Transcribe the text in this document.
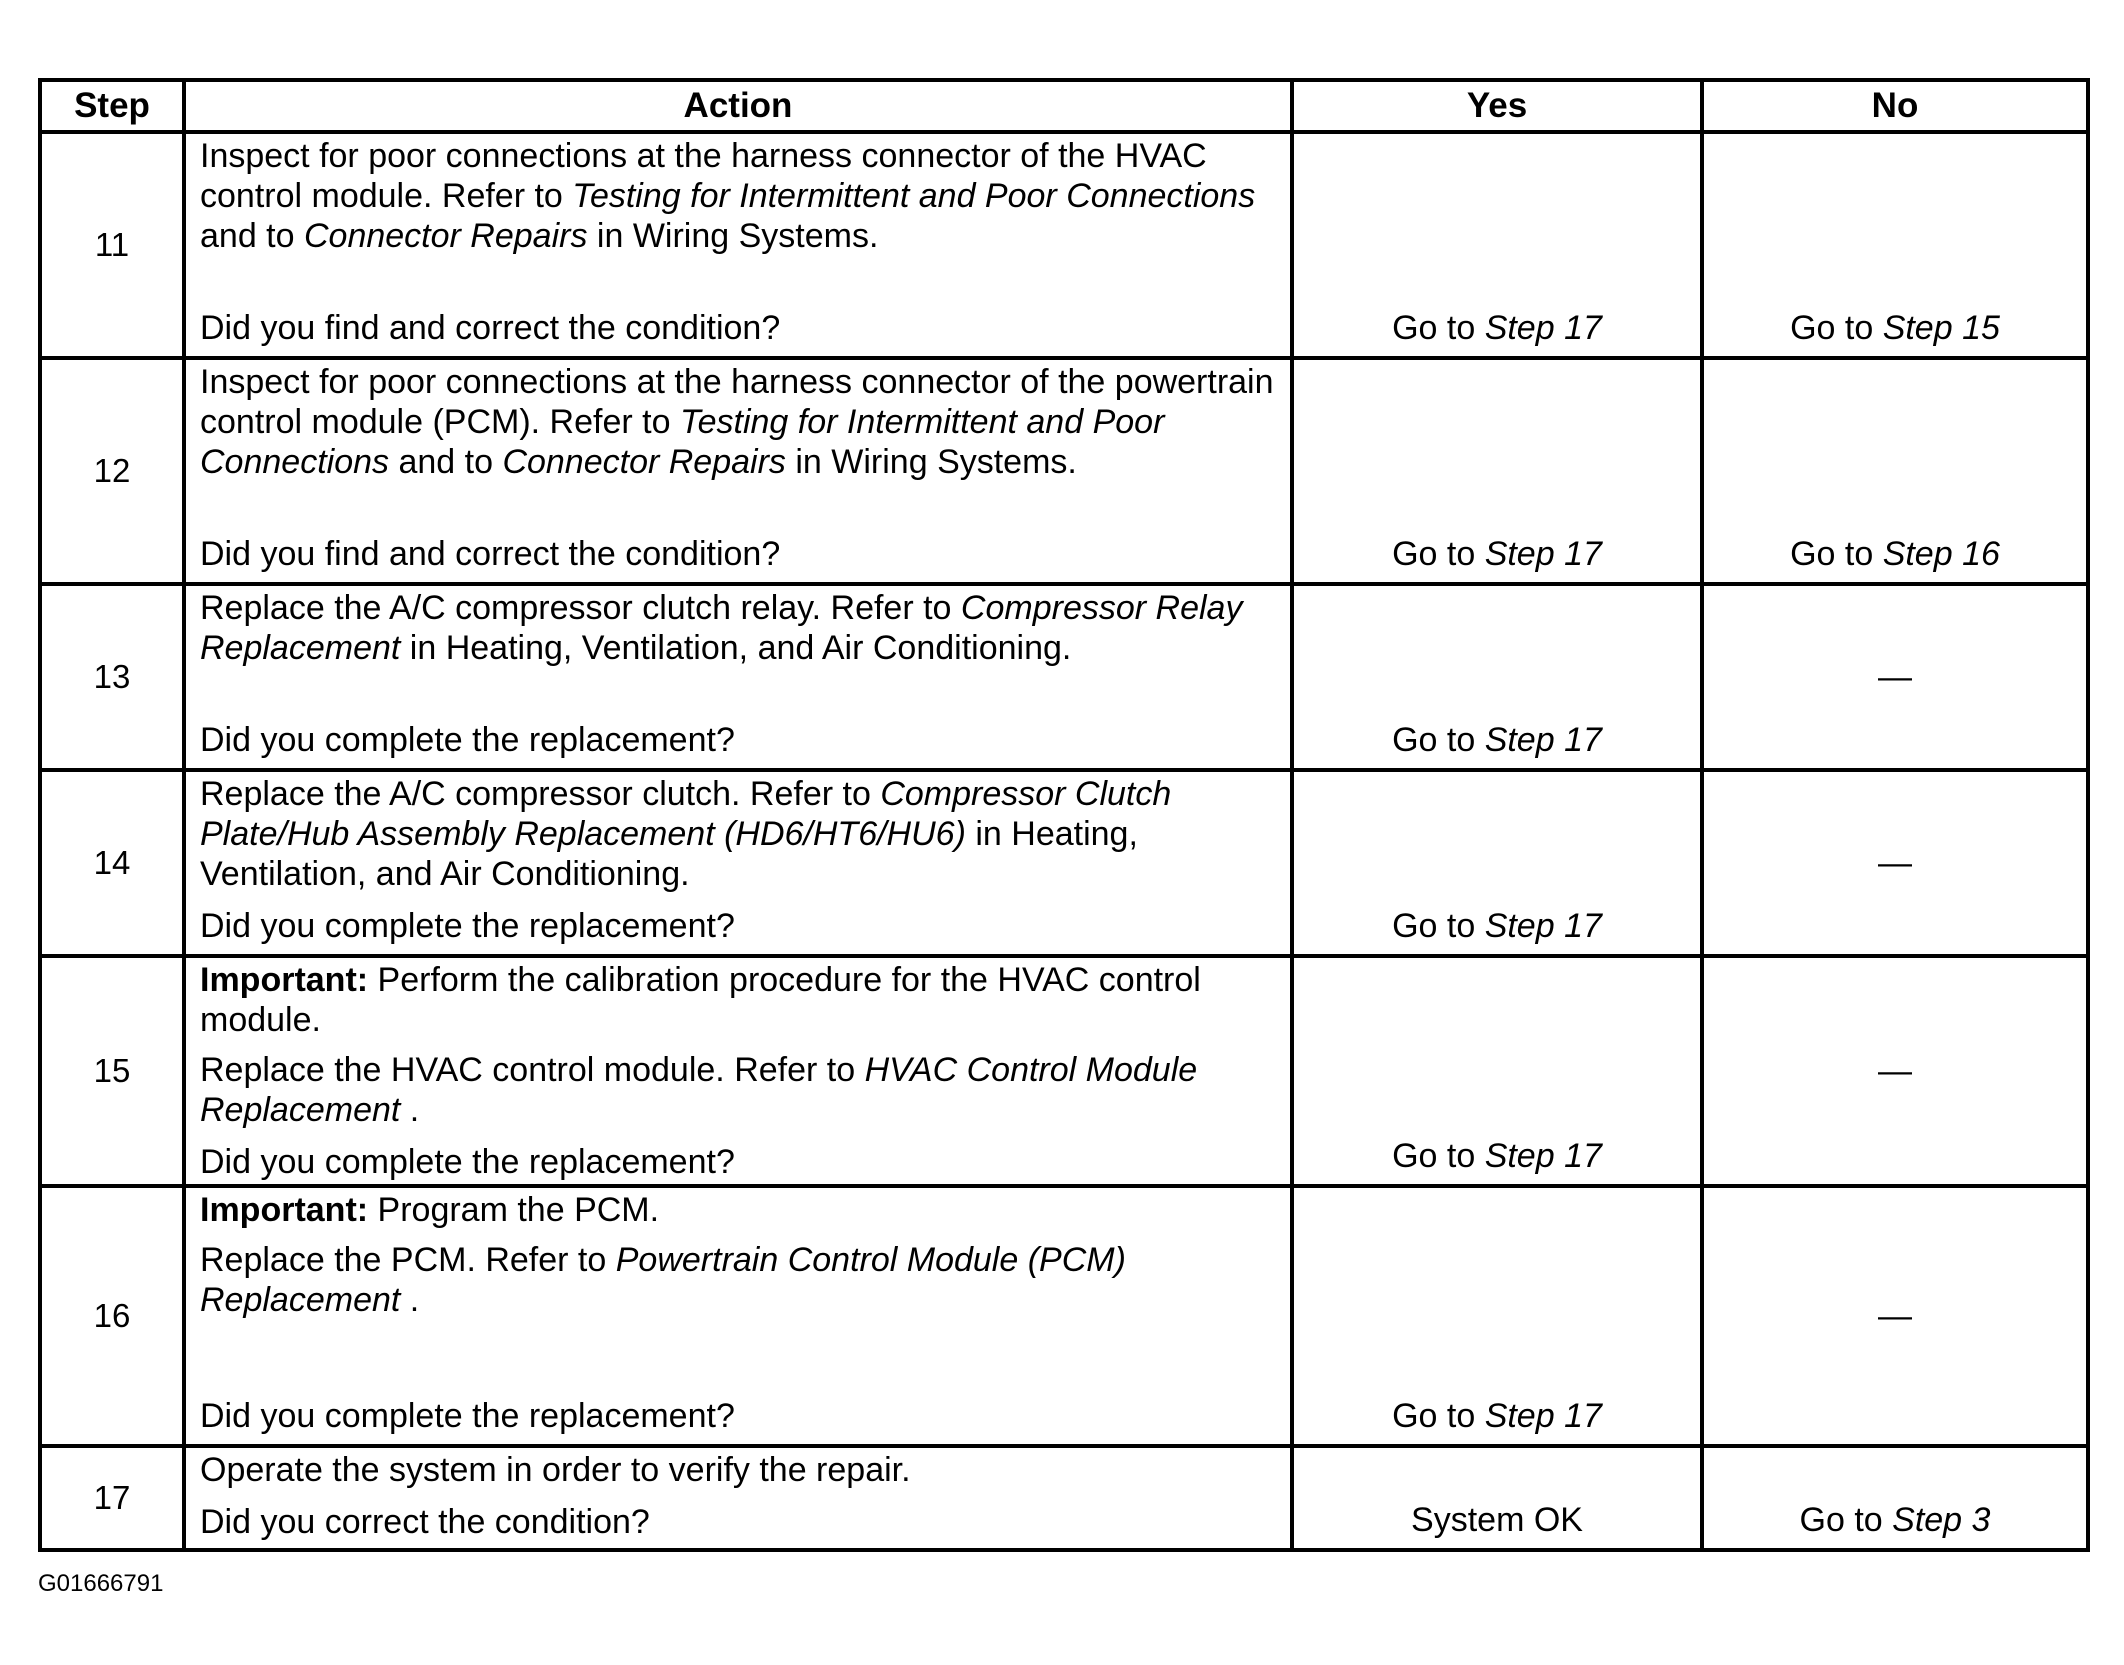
Step	Action	Yes	No
11	Inspect for poor connections at the harness connector of the HVAC control module. Refer to Testing for Intermittent and Poor Connections and to Connector Repairs in Wiring Systems.

Did you find and correct the condition?	Go to Step 17	Go to Step 15
12	Inspect for poor connections at the harness connector of the powertrain control module (PCM). Refer to Testing for Intermittent and Poor Connections and to Connector Repairs in Wiring Systems.

Did you find and correct the condition?	Go to Step 17	Go to Step 16
13	Replace the A/C compressor clutch relay. Refer to Compressor Relay Replacement in Heating, Ventilation, and Air Conditioning.

Did you complete the replacement?	Go to Step 17	—
14	Replace the A/C compressor clutch. Refer to Compressor Clutch Plate/Hub Assembly Replacement (HD6/HT6/HU6) in Heating, Ventilation, and Air Conditioning.

Did you complete the replacement?	Go to Step 17	—
15	Important: Perform the calibration procedure for the HVAC control module.

Replace the HVAC control module. Refer to HVAC Control Module Replacement .

Did you complete the replacement?	Go to Step 17	—
16	Important: Program the PCM.

Replace the PCM. Refer to Powertrain Control Module (PCM) Replacement .

Did you complete the replacement?	Go to Step 17	—
17	Operate the system in order to verify the repair.

Did you correct the condition?	System OK	Go to Step 3
G01666791
